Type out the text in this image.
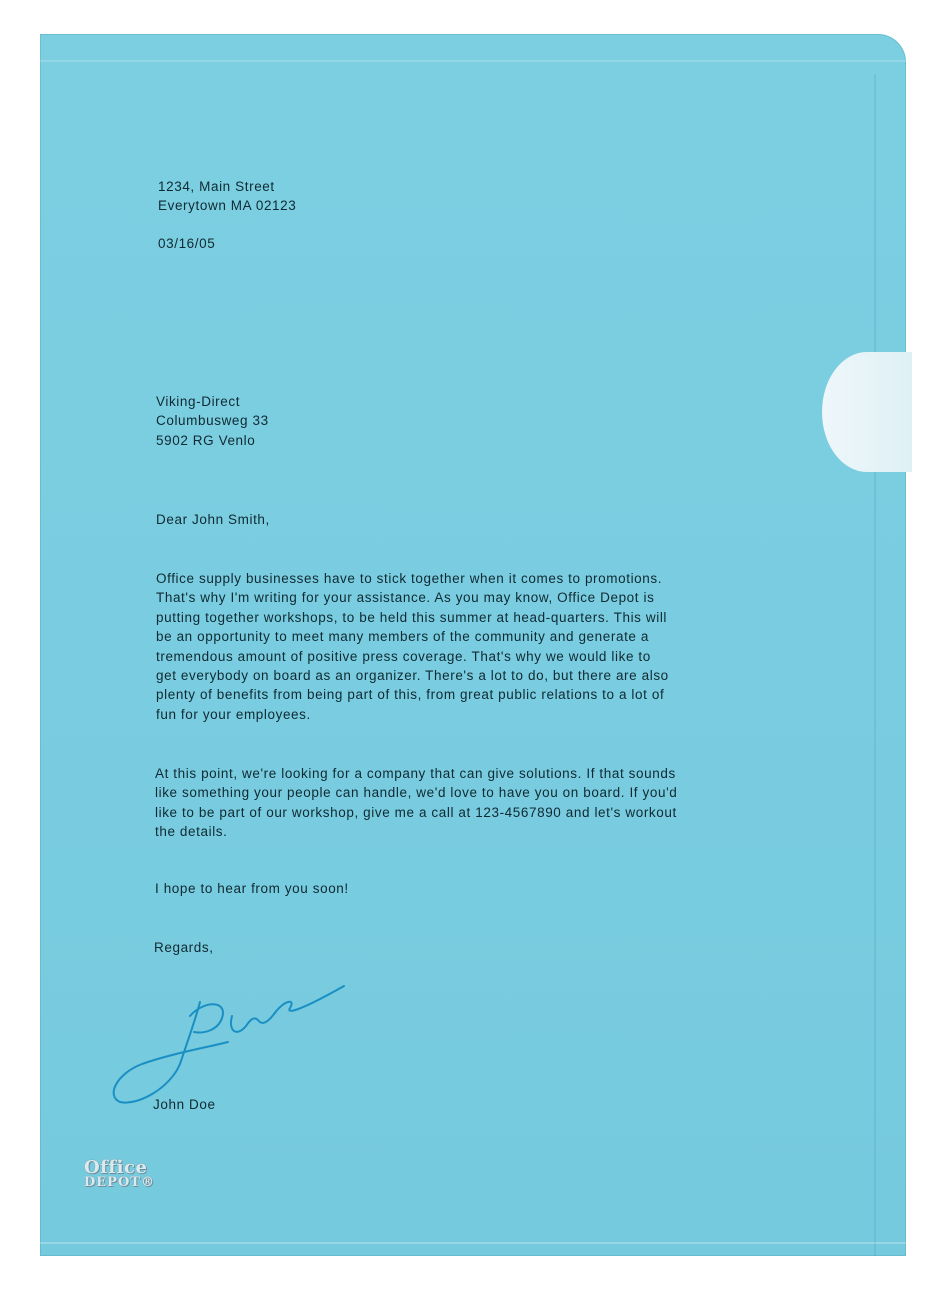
1234, Main Street

Everytown MA 02123

03/16/05

Viking-Direct

Columbusweg 33

5902 RG Venlo

Dear John Smith,

Office supply businesses have to stick together when it comes to promotions.

That's why I'm writing for your assistance. As you may know, Office Depot is

putting together workshops, to be held this summer at head-quarters. This will

be an opportunity to meet many members of the community and generate a

tremendous amount of positive press coverage. That's why we would like to

get everybody on board as an organizer. There's a lot to do, but there are also

plenty of benefits from being part of this, from great public relations to a lot of

fun for your employees.

At this point, we're looking for a company that can give solutions. If that sounds

like something your people can handle, we'd love to have you on board. If you'd

like to be part of our workshop, give me a call at 123-4567890 and let's workout

the details.

I hope to hear from you soon!

Regards,

John Doe

Office
DEPOT®
